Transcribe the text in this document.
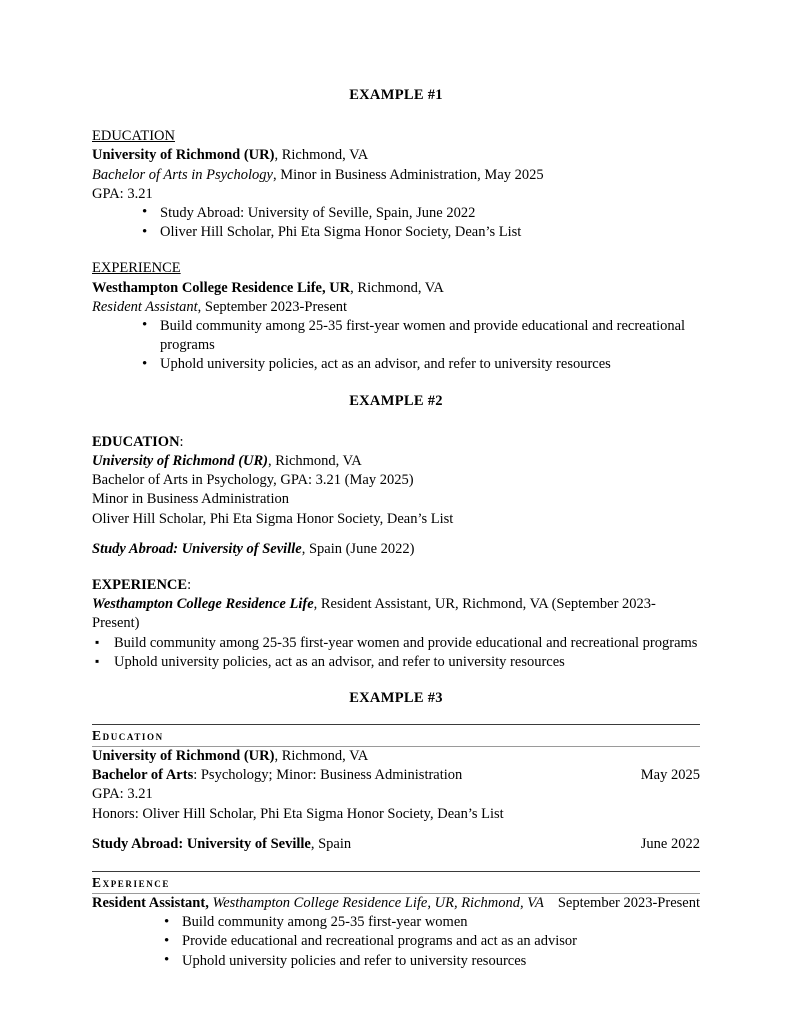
EXAMPLE #1
EDUCATION
University of Richmond (UR), Richmond, VA
Bachelor of Arts in Psychology, Minor in Business Administration, May 2025
GPA: 3.21
• Study Abroad: University of Seville, Spain, June 2022
• Oliver Hill Scholar, Phi Eta Sigma Honor Society, Dean’s List
EXPERIENCE
Westhampton College Residence Life, UR, Richmond, VA
Resident Assistant, September 2023-Present
• Build community among 25-35 first-year women and provide educational and recreational programs
• Uphold university policies, act as an advisor, and refer to university resources
EXAMPLE #2
EDUCATION:
University of Richmond (UR), Richmond, VA
Bachelor of Arts in Psychology, GPA: 3.21 (May 2025)
Minor in Business Administration
Oliver Hill Scholar, Phi Eta Sigma Honor Society, Dean’s List
Study Abroad: University of Seville, Spain (June 2022)
EXPERIENCE:
Westhampton College Residence Life, Resident Assistant, UR, Richmond, VA (September 2023-Present)
▪ Build community among 25-35 first-year women and provide educational and recreational programs
▪ Uphold university policies, act as an advisor, and refer to university resources
EXAMPLE #3
Education
University of Richmond (UR), Richmond, VA
Bachelor of Arts: Psychology; Minor: Business Administration	May 2025
GPA: 3.21
Honors: Oliver Hill Scholar, Phi Eta Sigma Honor Society, Dean’s List
Study Abroad: University of Seville, Spain	June 2022
Experience
Resident Assistant, Westhampton College Residence Life, UR, Richmond, VA September 2023-Present
• Build community among 25-35 first-year women
• Provide educational and recreational programs and act as an advisor
• Uphold university policies and refer to university resources
